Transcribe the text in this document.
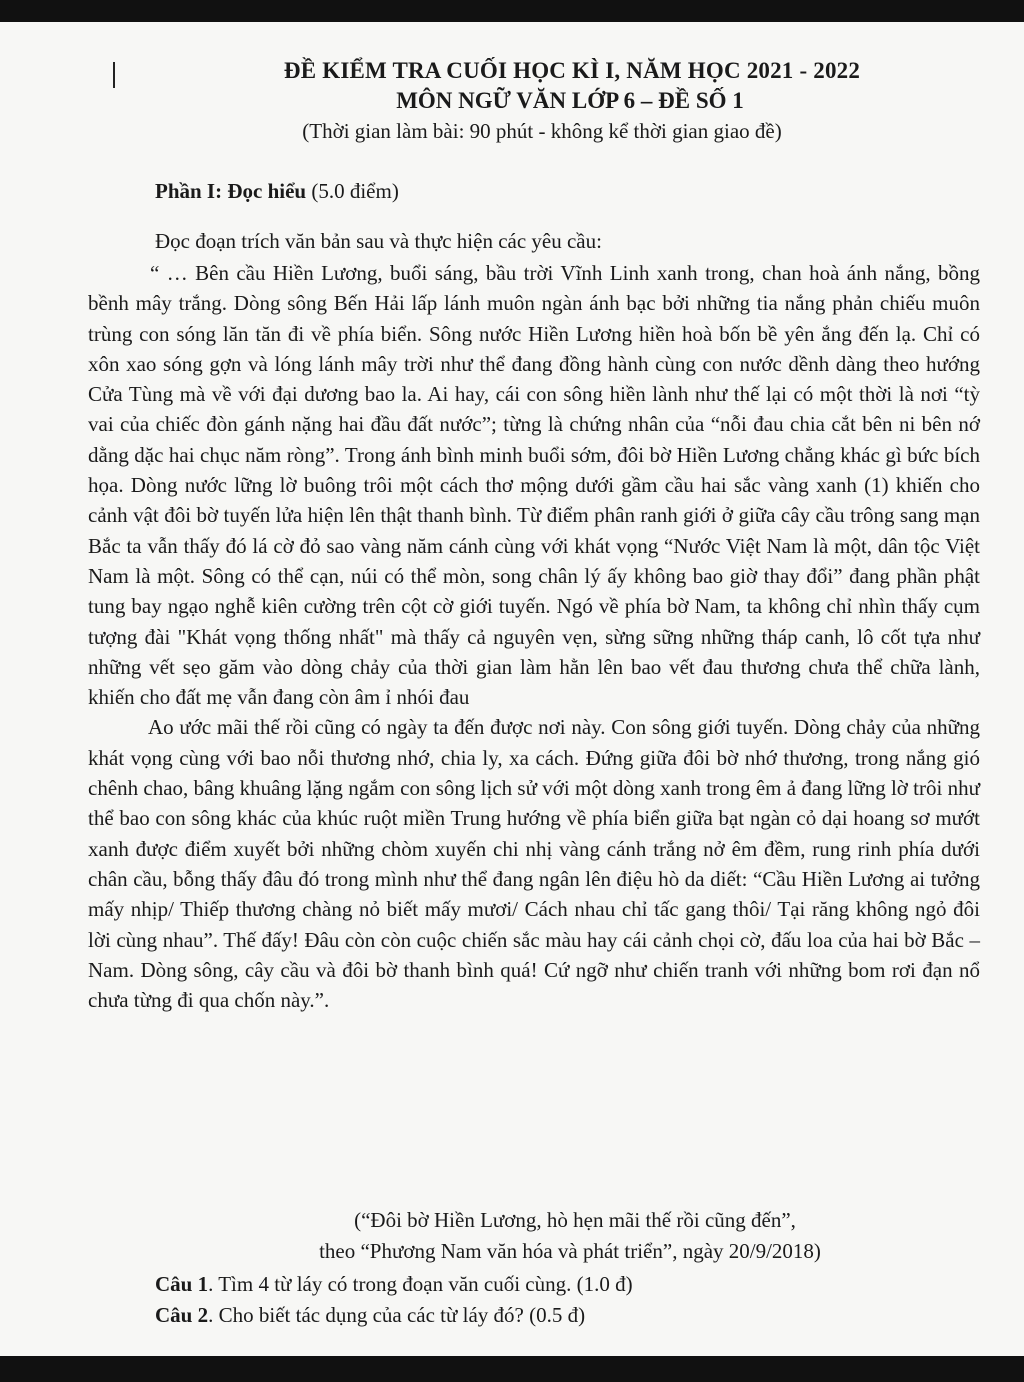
ĐỀ KIỂM TRA CUỐI HỌC KÌ I, NĂM HỌC 2021 - 2022
MÔN NGỮ VĂN LỚP 6 – ĐỀ SỐ 1
(Thời gian làm bài: 90 phút - không kể thời gian giao đề)
Phần I: Đọc hiểu (5.0 điểm)
Đọc đoạn trích văn bản sau và thực hiện các yêu cầu:

“ … Bên cầu Hiền Lương, buổi sáng, bầu trời Vĩnh Linh xanh trong, chan hoà ánh nắng, bồng bềnh mây trắng. Dòng sông Bến Hải lấp lánh muôn ngàn ánh bạc bởi những tia nắng phản chiếu muôn trùng con sóng lăn tăn đi về phía biển. Sông nước Hiền Lương hiền hoà bốn bề yên ắng đến lạ. Chỉ có xôn xao sóng gợn và lóng lánh mây trời như thể đang đồng hành cùng con nước dềnh dàng theo hướng Cửa Tùng mà về với đại dương bao la. Ai hay, cái con sông hiền lành như thế lại có một thời là nơi “tỳ vai của chiếc đòn gánh nặng hai đầu đất nước”; từng là chứng nhân của “nỗi đau chia cắt bên ni bên nớ dằng dặc hai chục năm ròng”. Trong ánh bình minh buổi sớm, đôi bờ Hiền Lương chẳng khác gì bức bích họa. Dòng nước lững lờ buông trôi một cách thơ mộng dưới gầm cầu hai sắc vàng xanh (1) khiến cho cảnh vật đôi bờ tuyến lửa hiện lên thật thanh bình. Từ điểm phân ranh giới ở giữa cây cầu trông sang mạn Bắc ta vẫn thấy đó lá cờ đỏ sao vàng năm cánh cùng với khát vọng “Nước Việt Nam là một, dân tộc Việt Nam là một. Sông có thể cạn, núi có thể mòn, song chân lý ấy không bao giờ thay đổi” đang phần phật tung bay ngạo nghễ kiên cường trên cột cờ giới tuyến. Ngó về phía bờ Nam, ta không chỉ nhìn thấy cụm tượng đài "Khát vọng thống nhất" mà thấy cả nguyên vẹn, sừng sững những tháp canh, lô cốt tựa như những vết sẹo găm vào dòng chảy của thời gian làm hằn lên bao vết đau thương chưa thể chữa lành, khiến cho đất mẹ vẫn đang còn âm ỉ nhói đau

Ao ước mãi thế rồi cũng có ngày ta đến được nơi này. Con sông giới tuyến. Dòng chảy của những khát vọng cùng với bao nỗi thương nhớ, chia ly, xa cách. Đứng giữa đôi bờ nhớ thương, trong nắng gió chênh chao, bâng khuâng lặng ngắm con sông lịch sử với một dòng xanh trong êm ả đang lững lờ trôi như thể bao con sông khác của khúc ruột miền Trung hướng về phía biển giữa bạt ngàn cỏ dại hoang sơ mướt xanh được điểm xuyết bởi những chòm xuyến chi nhị vàng cánh trắng nở êm đềm, rung rinh phía dưới chân cầu, bỗng thấy đâu đó trong mình như thể đang ngân lên điệu hò da diết: “Cầu Hiền Lương ai tưởng mấy nhịp/ Thiếp thương chàng nỏ biết mấy mươi/ Cách nhau chỉ tấc gang thôi/ Tại răng không ngỏ đôi lời cùng nhau”. Thế đấy! Đâu còn còn cuộc chiến sắc màu hay cái cảnh chọi cờ, đấu loa của hai bờ Bắc – Nam. Dòng sông, cây cầu và đôi bờ thanh bình quá! Cứ ngỡ như chiến tranh với những bom rơi đạn nổ chưa từng đi qua chốn này.”.

(“Đôi bờ Hiền Lương, hò hẹn mãi thế rồi cũng đến”,
theo “Phương Nam văn hóa và phát triển”, ngày 20/9/2018)
Câu 1. Tìm 4 từ láy có trong đoạn văn cuối cùng. (1.0 đ)
Câu 2. Cho biết tác dụng của các từ láy đó? (0.5 đ)
